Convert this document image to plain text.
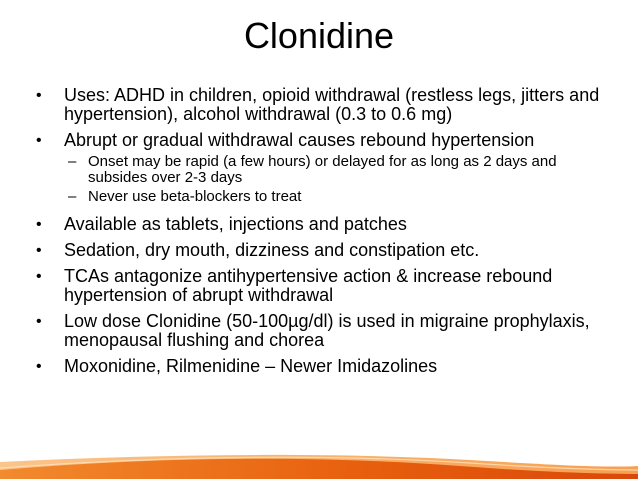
Clonidine
• Uses: ADHD in children, opioid withdrawal (restless legs, jitters and hypertension), alcohol withdrawal (0.3 to 0.6 mg)
• Abrupt or gradual withdrawal causes rebound hypertension
– Onset may be rapid (a few hours) or delayed for as long as 2 days and subsides over 2-3 days
– Never use beta-blockers to treat
• Available as tablets, injections and patches
• Sedation, dry mouth, dizziness and constipation etc.
• TCAs antagonize antihypertensive action & increase rebound hypertension of abrupt withdrawal
• Low dose Clonidine (50-100µg/dl) is used in migraine prophylaxis, menopausal flushing and chorea
• Moxonidine, Rilmenidine – Newer Imidazolines
